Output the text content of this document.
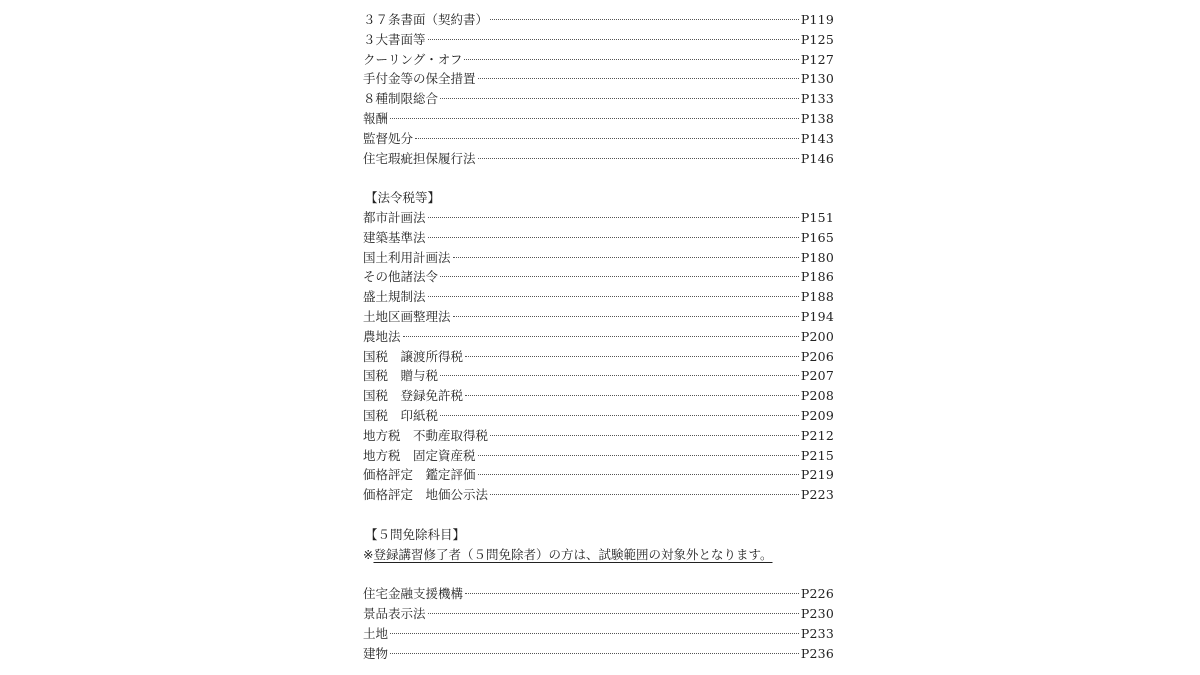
３７条書面（契約書）	P119
３大書面等	P125
クーリング・オフ	P127
手付金等の保全措置	P130
８種制限総合	P133
報酬	P138
監督処分	P143
住宅瑕疵担保履行法	P146
【法令税等】
都市計画法	P151
建築基準法	P165
国土利用計画法	P180
その他諸法令	P186
盛土規制法	P188
土地区画整理法	P194
農地法	P200
国税　譲渡所得税	P206
国税　贈与税	P207
国税　登録免許税	P208
国税　印紙税	P209
地方税　不動産取得税	P212
地方税　固定資産税	P215
価格評定　鑑定評価	P219
価格評定　地価公示法	P223
【５問免除科目】
※ 登録講習修了者（５問免除者）の方は、試験範囲の対象外となります。
住宅金融支援機構	P226
景品表示法	P230
土地	P233
建物	P236
